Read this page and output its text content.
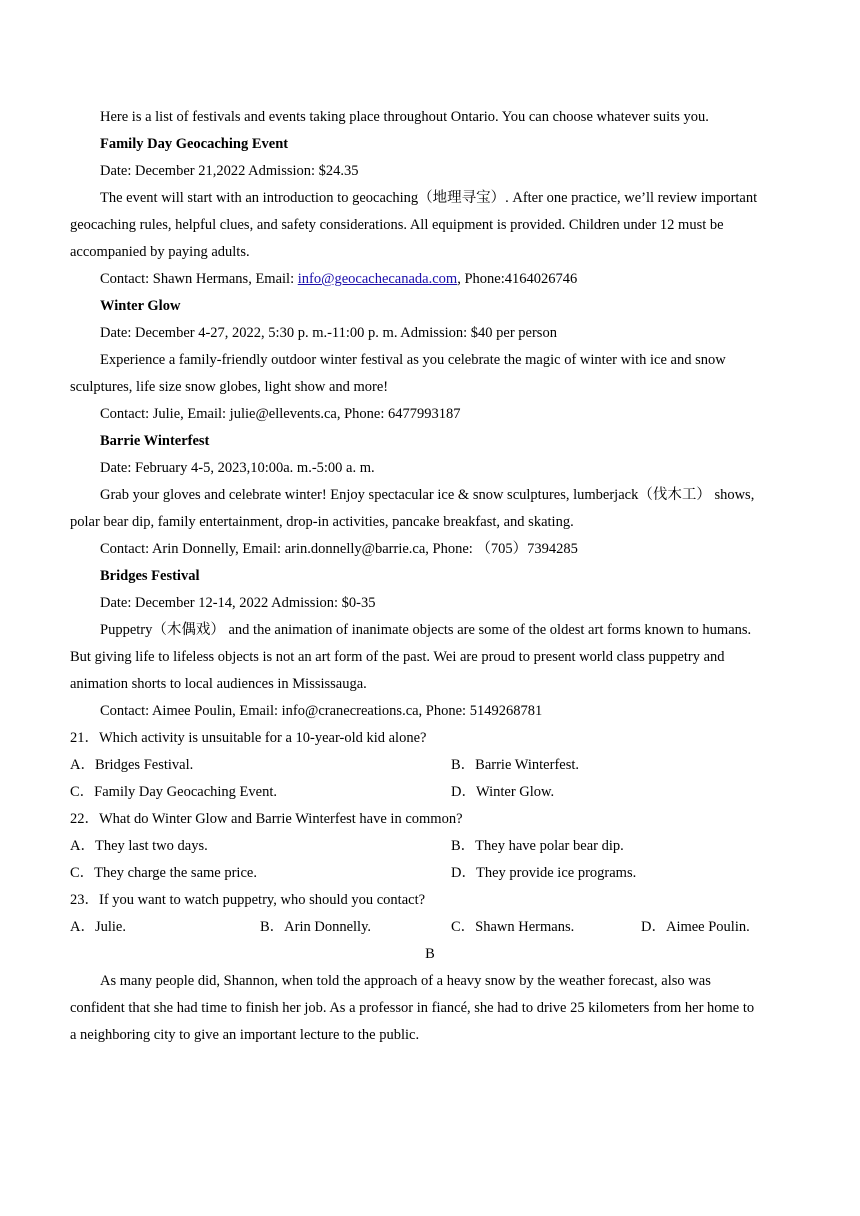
Here is a list of festivals and events taking place throughout Ontario. You can choose whatever suits you.
Family Day Geocaching Event
Date: December 21,2022 Admission: $24.35
The event will start with an introduction to geocaching（地理寻宝）. After one practice, we’ll review important
geocaching rules, helpful clues, and safety considerations. All equipment is provided. Children under 12 must be
accompanied by paying adults.
Contact: Shawn Hermans, Email: info@geocachecanada.com, Phone:4164026746
Winter Glow
Date: December 4-27, 2022, 5:30 p. m.-11:00 p. m. Admission: $40 per person
Experience a family-friendly outdoor winter festival as you celebrate the magic of winter with ice and snow
sculptures, life size snow globes, light show and more!
Contact: Julie, Email: julie@ellevents.ca, Phone: 6477993187
Barrie Winterfest
Date: February 4-5, 2023,10:00a. m.-5:00 a. m.
Grab your gloves and celebrate winter! Enjoy spectacular ice & snow sculptures, lumberjack（伐木工） shows,
polar bear dip, family entertainment, drop-in activities, pancake breakfast, and skating.
Contact: Arin Donnelly, Email: arin.donnelly@barrie.ca, Phone: （705）7394285
Bridges Festival
Date: December 12-14, 2022 Admission: $0-35
Puppetry（木偶戏） and the animation of inanimate objects are some of the oldest art forms known to humans.
But giving life to lifeless objects is not an art form of the past. Wei are proud to present world class puppetry and
animation shorts to local audiences in Mississauga.
Contact: Aimee Poulin, Email: info@cranecreations.ca, Phone: 5149268781
21．Which activity is unsuitable for a 10-year-old kid alone?
A．Bridges Festival.	B．Barrie Winterfest.
C．Family Day Geocaching Event.	D．Winter Glow.
22．What do Winter Glow and Barrie Winterfest have in common?
A．They last two days.	B．They have polar bear dip.
C．They charge the same price.	D．They provide ice programs.
23．If you want to watch puppetry, who should you contact?
A．Julie.	B．Arin Donnelly.	C．Shawn Hermans.	D．Aimee Poulin.
B
As many people did, Shannon, when told the approach of a heavy snow by the weather forecast, also was
confident that she had time to finish her job. As a professor in fiancé, she had to drive 25 kilometers from her home to
a neighboring city to give an important lecture to the public.
